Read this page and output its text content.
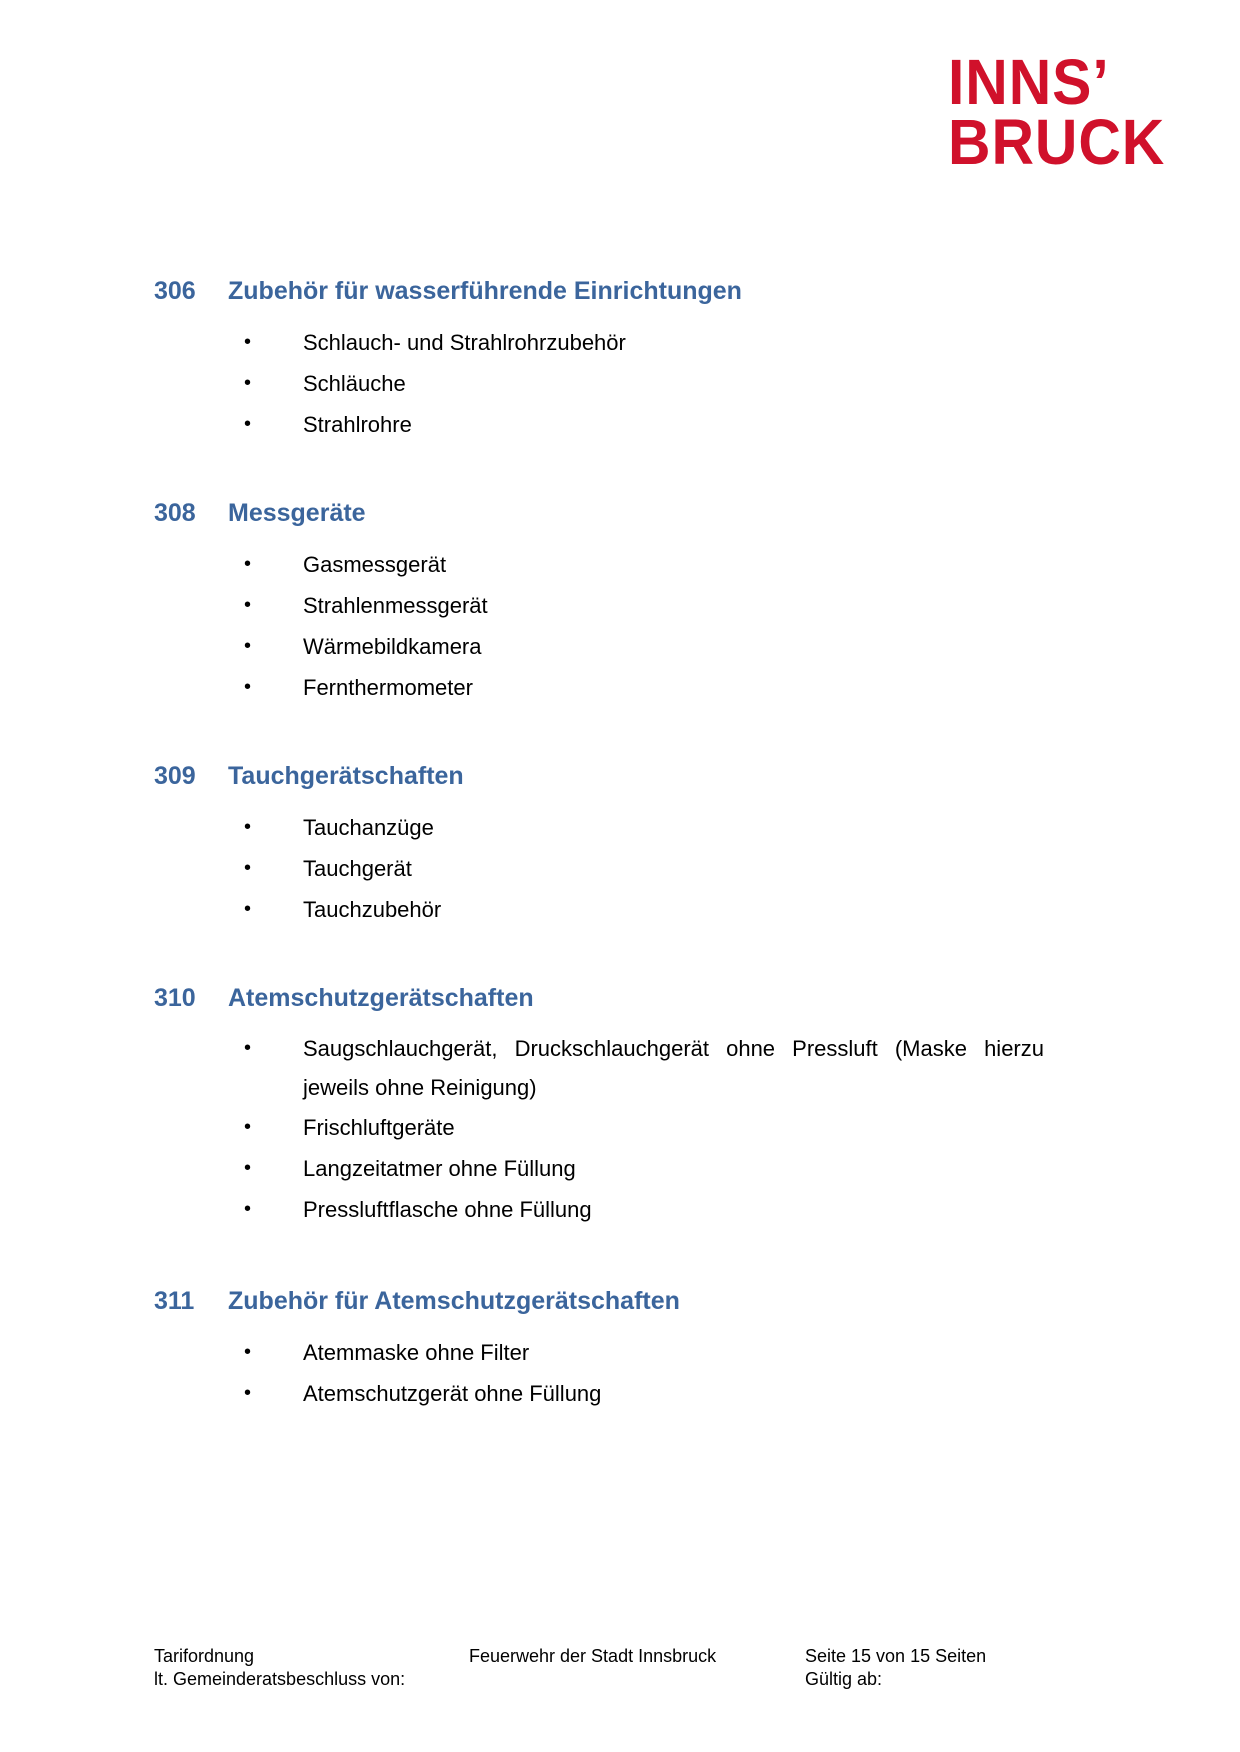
INNS’
BRUCK
306	Zubehör für wasserführende Einrichtungen
• Schlauch- und Strahlrohrzubehör
• Schläuche
• Strahlrohre
308	Messgeräte
• Gasmessgerät
• Strahlenmessgerät
• Wärmebildkamera
• Fernthermometer
309	Tauchgerätschaften
• Tauchanzüge
• Tauchgerät
• Tauchzubehör
310	Atemschutzgerätschaften
• Saugschlauchgerät, Druckschlauchgerät ohne Pressluft (Maske hierzu jeweils ohne Reinigung)
• Frischluftgeräte
• Langzeitatmer ohne Füllung
• Pressluftflasche ohne Füllung
311	Zubehör für Atemschutzgerätschaften
• Atemmaske ohne Filter
• Atemschutzgerät ohne Füllung
Tarifordnung
lt. Gemeinderatsbeschluss von:
Feuerwehr der Stadt Innsbruck	Seite 15 von 15 Seiten
Gültig ab:
